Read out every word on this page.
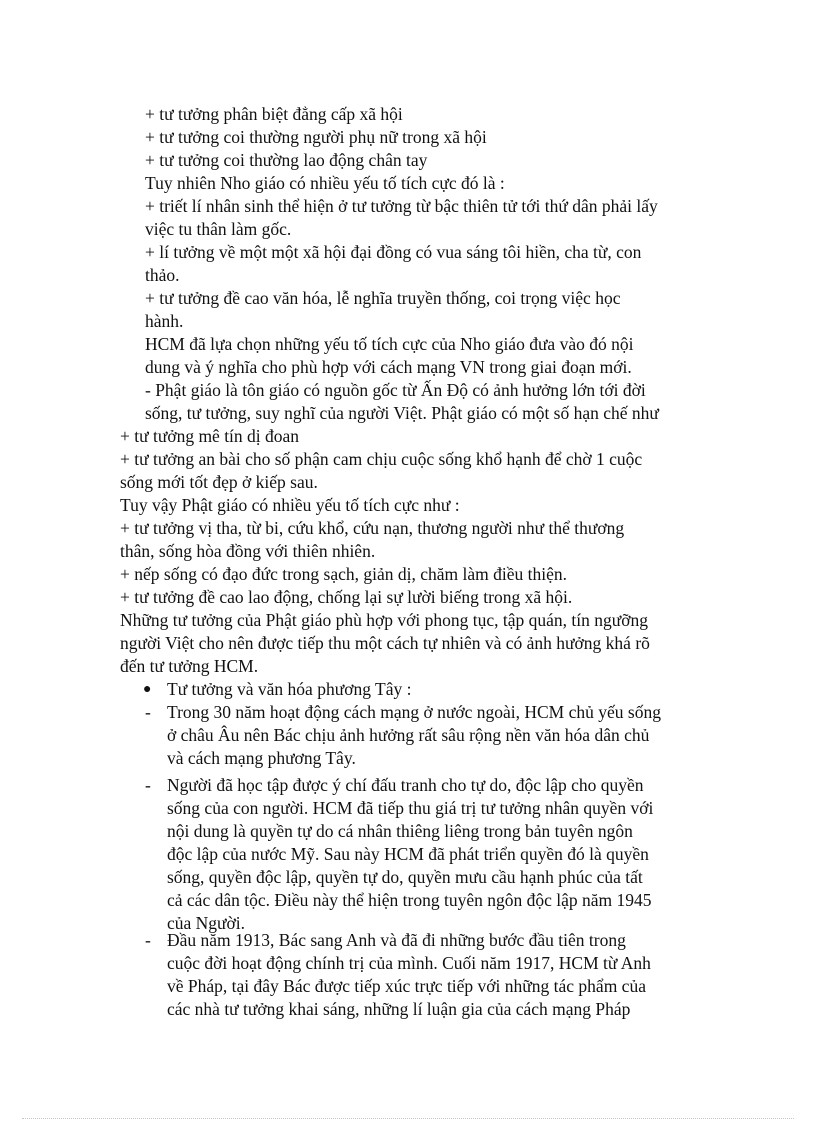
+ tư tưởng phân biệt đẳng cấp xã hội
+ tư tưởng coi thường người phụ nữ trong xã hội
+ tư tưởng coi thường lao động chân tay
Tuy nhiên Nho giáo có nhiều yếu tố tích cực đó là :
+ triết lí nhân sinh thể hiện ở tư tưởng từ bậc thiên tử tới thứ dân phải lấy
việc tu thân làm gốc.
+ lí tưởng về một một xã hội đại đồng có vua sáng tôi hiền, cha từ, con
thảo.
+ tư tưởng đề cao văn hóa, lễ nghĩa truyền thống, coi trọng việc học
hành.
HCM đã lựa chọn những yếu tố tích cực của Nho giáo đưa vào đó nội
dung và ý nghĩa cho phù hợp với cách mạng VN trong giai đoạn mới.
- Phật giáo là tôn giáo có nguồn gốc từ Ấn Độ có ảnh hưởng lớn tới đời
sống, tư tưởng, suy nghĩ của người Việt. Phật giáo có một số hạn chế như
+ tư tưởng mê tín dị đoan
+ tư tưởng an bài cho số phận cam chịu cuộc sống khổ hạnh để chờ 1 cuộc
sống mới tốt đẹp ở kiếp sau.
Tuy vậy Phật giáo có nhiều yếu tố tích cực như :
+ tư tưởng vị tha, từ bi, cứu khổ, cứu nạn, thương người như thể thương
thân, sống hòa đồng với thiên nhiên.
+ nếp sống có đạo đức trong sạch, giản dị, chăm làm điều thiện.
+ tư tưởng đề cao lao động, chống lại sự lười biếng trong xã hội.
Những tư tưởng của Phật giáo phù hợp với phong tục, tập quán, tín ngưỡng
người Việt cho nên được tiếp thu một cách tự nhiên và có ảnh hưởng khá rõ
đến tư tưởng HCM.
● Tư tưởng và văn hóa phương Tây :
- Trong 30 năm hoạt động cách mạng ở nước ngoài, HCM chủ yếu sống
ở châu Âu nên Bác chịu ảnh hưởng rất sâu rộng nền văn hóa dân chủ
và cách mạng phương Tây.
- Người đã học tập được ý chí đấu tranh cho tự do, độc lập cho quyền
sống của con người. HCM đã tiếp thu giá trị tư tưởng nhân quyền với
nội dung là quyền tự do cá nhân thiêng liêng trong bản tuyên ngôn
độc lập của nước Mỹ. Sau này HCM đã phát triển quyền đó là quyền
sống, quyền độc lập, quyền tự do, quyền mưu cầu hạnh phúc của tất
cả các dân tộc. Điều này thể hiện trong tuyên ngôn độc lập năm 1945
của Người.
- Đầu năm 1913, Bác sang Anh và đã đi những bước đầu tiên trong
cuộc đời hoạt động chính trị của mình. Cuối năm 1917, HCM từ Anh
về Pháp, tại đây Bác được tiếp xúc trực tiếp với những tác phẩm của
các nhà tư tưởng khai sáng, những lí luận gia của cách mạng Pháp
